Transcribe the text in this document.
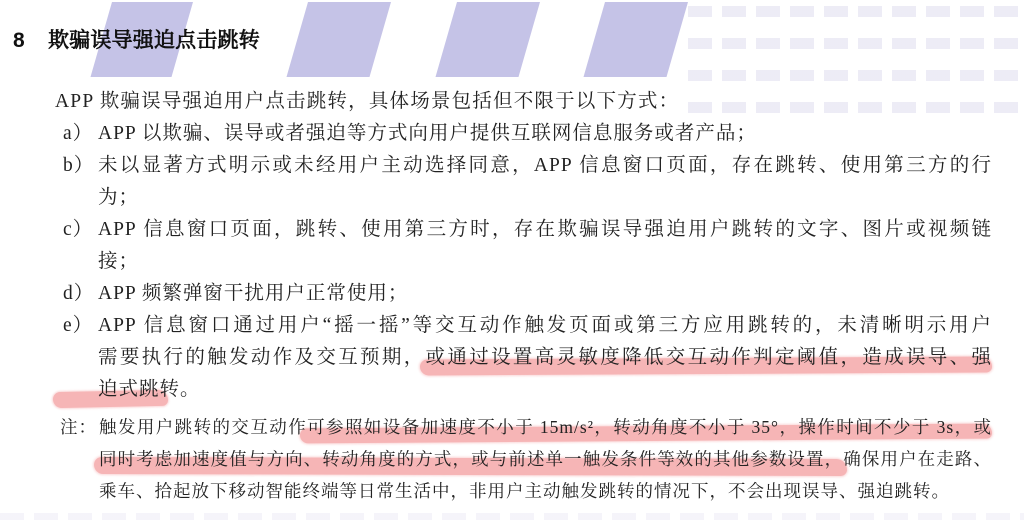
8 欺骗误导强迫点击跳转

APP 欺骗误导强迫用户点击跳转，具体场景包括但不限于以下方式：

a） APP 以欺骗、误导或者强迫等方式向用户提供互联网信息服务或者产品；
b） 未以显著方式明示或未经用户主动选择同意，APP 信息窗口页面，存在跳转、使用第三方的行
为；
c） APP 信息窗口页面，跳转、使用第三方时，存在欺骗误导强迫用户跳转的文字、图片或视频链
接；
d） APP 频繁弹窗干扰用户正常使用；
e） APP 信息窗口通过用户“摇一摇”等交互动作触发页面或第三方应用跳转的，未清晰明示用户
需要执行的触发动作及交互预期，或通过设置高灵敏度降低交互动作判定阈值，造成误导、强
迫式跳转。
注： 触发用户跳转的交互动作可参照如设备加速度不小于 15m/s²，转动角度不小于 35°，操作时间不少于 3s，或
同时考虑加速度值与方向、转动角度的方式，或与前述单一触发条件等效的其他参数设置，确保用户在走路、
乘车、拾起放下移动智能终端等日常生活中，非用户主动触发跳转的情况下，不会出现误导、强迫跳转。
